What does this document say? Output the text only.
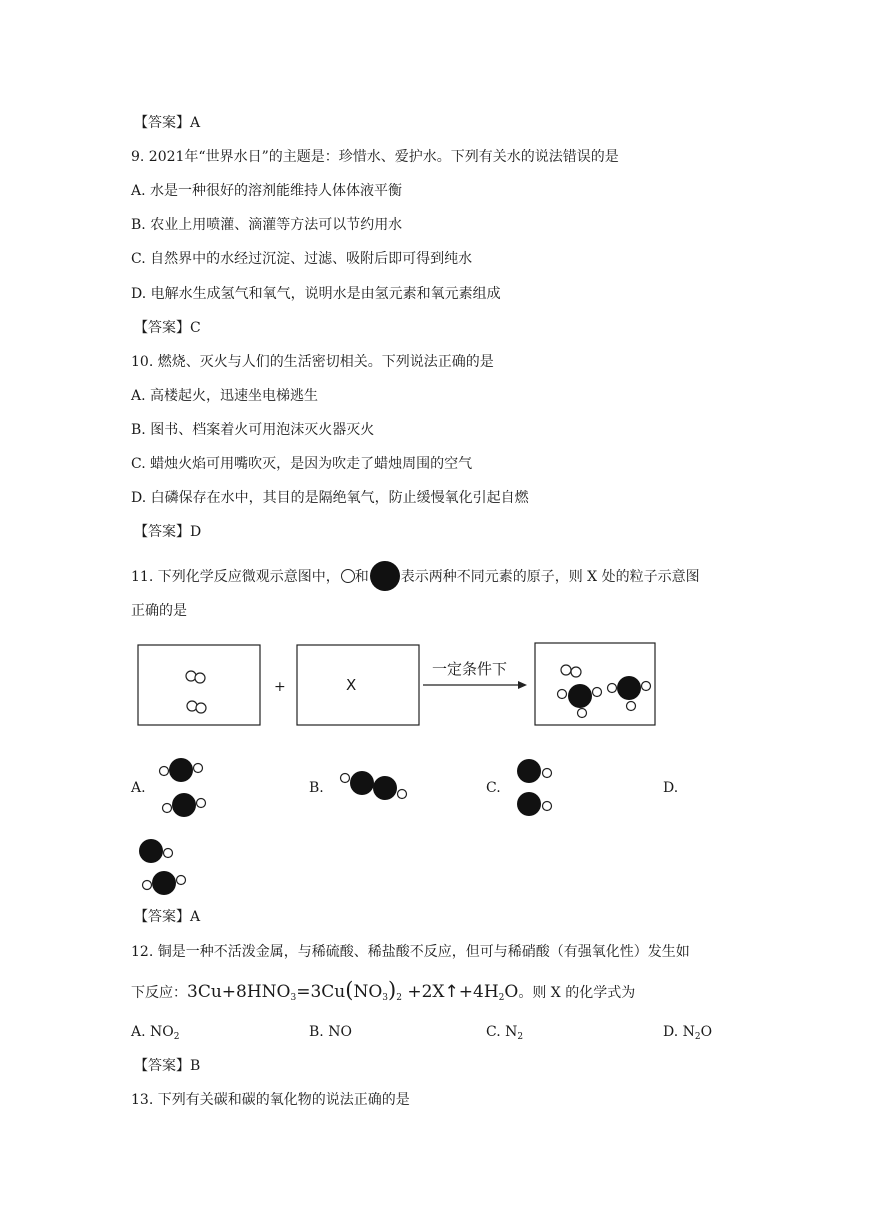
【答案】A
9. 2021年“世界水日”的主题是：珍惜水、爱护水。下列有关水的说法错误的是
A. 水是一种很好的溶剂能维持人体体液平衡
B. 农业上用喷灌、滴灌等方法可以节约用水
C. 自然界中的水经过沉淀、过滤、吸附后即可得到纯水
D. 电解水生成氢气和氧气，说明水是由氢元素和氧元素组成
【答案】C
10. 燃烧、灭火与人们的生活密切相关。下列说法正确的是
A. 高楼起火，迅速坐电梯逃生
B. 图书、档案着火可用泡沫灭火器灭火
C. 蜡烛火焰可用嘴吹灭，是因为吹走了蜡烛周围的空气
D. 白磷保存在水中，其目的是隔绝氧气，防止缓慢氧化引起自燃
【答案】D
11. 下列化学反应微观示意图中， 和 表示两种不同元素的原子，则 X 处的粒子示意图
正确的是
+	X
一定条件下
A.	B.	C.	D.
【答案】A
12. 铜是一种不活泼金属，与稀硫酸、稀盐酸不反应，但可与稀硝酸（有强氧化性）发生如
下反应：$3Cu+8HNO_3=3Cu(NO_3)_2$ $+2X↑+4H_2O$。则 X 的化学式为
A. $NO_2$	B. NO	C. $N_2$	D. $N_2O$
【答案】B
13. 下列有关碳和碳的氧化物的说法正确的是
